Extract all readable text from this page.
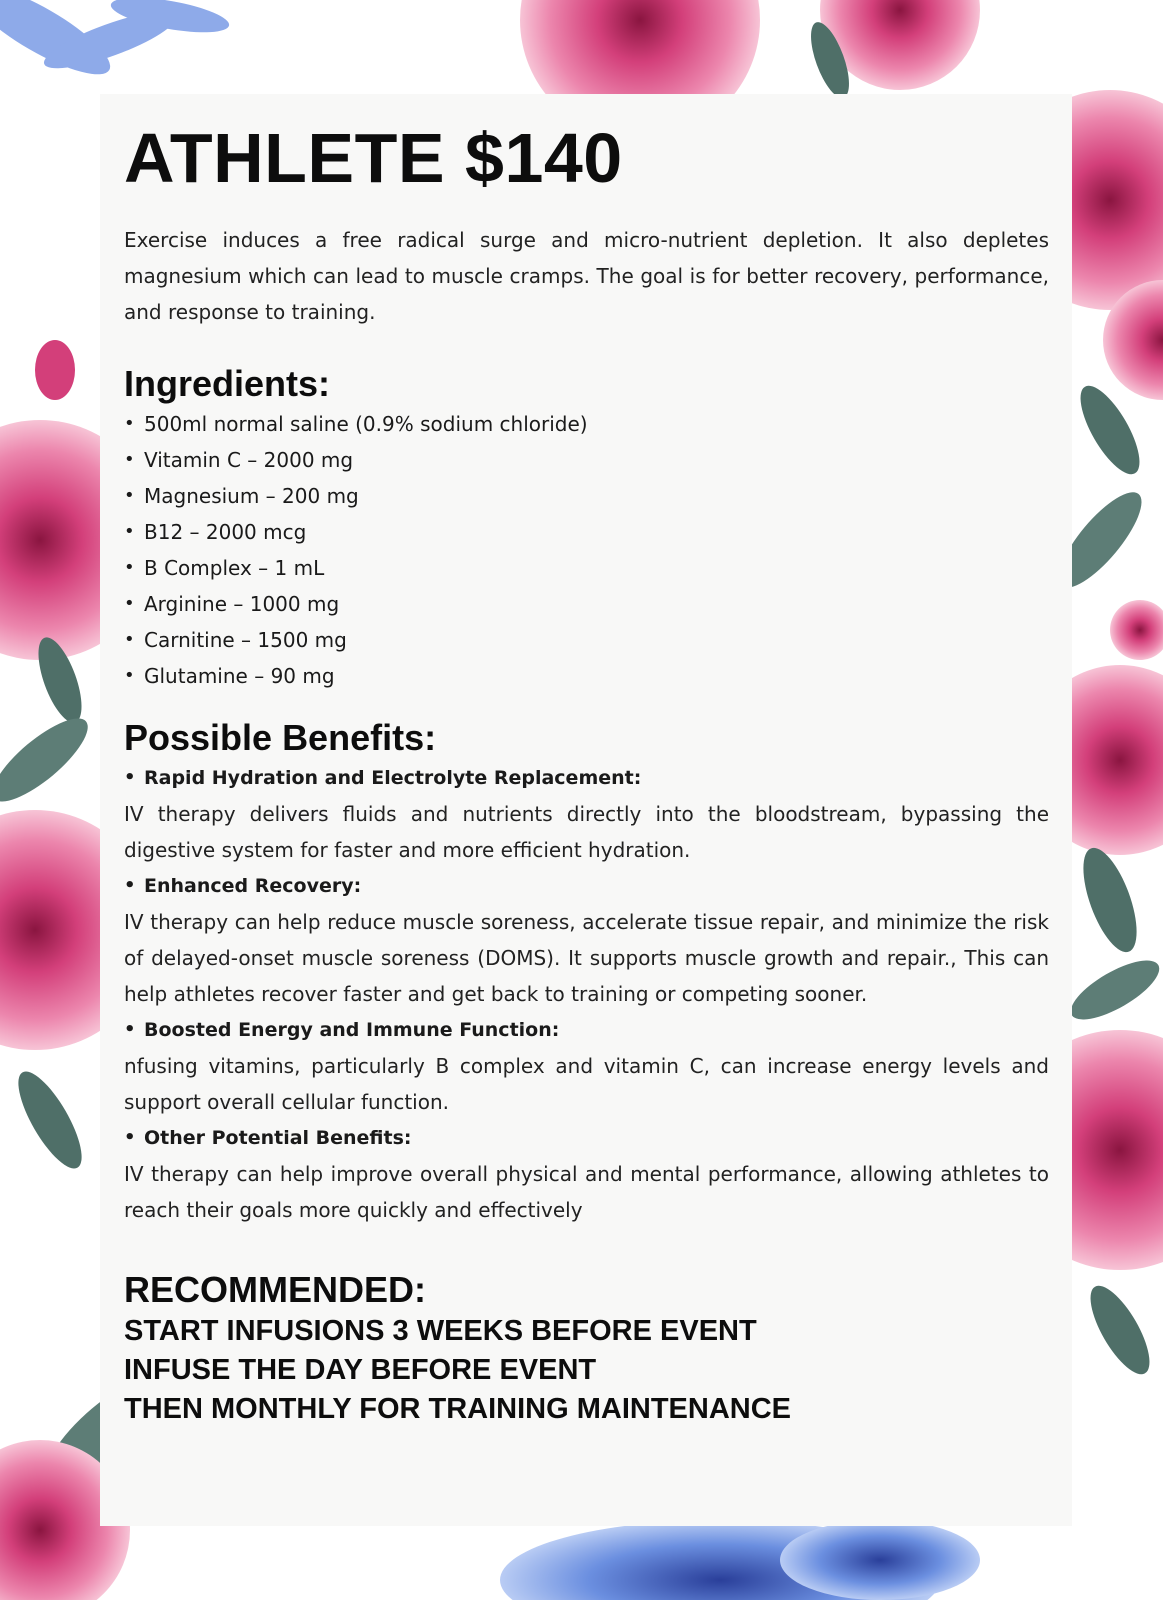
ATHLETE $140

Exercise induces a free radical surge and micro-nutrient depletion. It also depletes magnesium which can lead to muscle cramps. The goal is for better recovery, performance, and response to training.

Ingredients:
• 500ml normal saline (0.9% sodium chloride)
• Vitamin C – 2000 mg
• Magnesium – 200 mg
• B12 – 2000 mcg
• B Complex – 1 mL
• Arginine – 1000 mg
• Carnitine – 1500 mg
• Glutamine – 90 mg
Possible Benefits:
• Rapid Hydration and Electrolyte Replacement:
IV therapy delivers fluids and nutrients directly into the bloodstream, bypassing the digestive system for faster and more efficient hydration.
• Enhanced Recovery:
IV therapy can help reduce muscle soreness, accelerate tissue repair, and minimize the risk of delayed-onset muscle soreness (DOMS). It supports muscle growth and repair., This can help athletes recover faster and get back to training or competing sooner.
• Boosted Energy and Immune Function:
nfusing vitamins, particularly B complex and vitamin C, can increase energy levels and support overall cellular function.
• Other Potential Benefits:
IV therapy can help improve overall physical and mental performance, allowing athletes to reach their goals more quickly and effectively
RECOMMENDED:
START INFUSIONS 3 WEEKS BEFORE EVENT
INFUSE THE DAY BEFORE EVENT
THEN MONTHLY FOR TRAINING MAINTENANCE
